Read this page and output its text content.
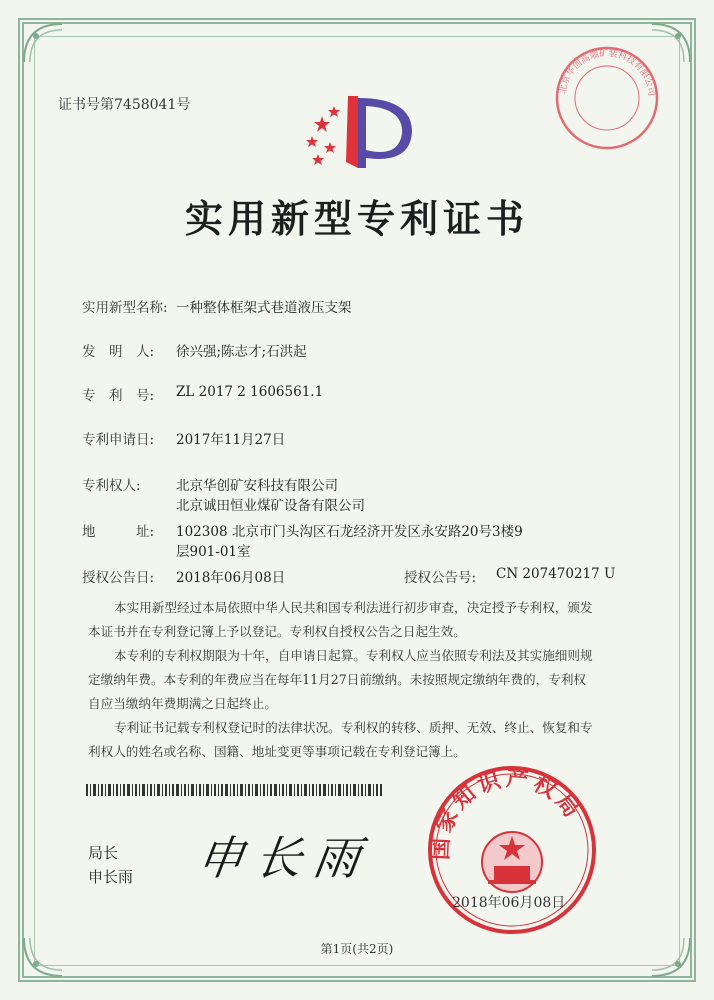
证书号第7458041号
北京华创高端矿装科技有限公司
实用新型专利证书
实用新型名称: 一种整体框架式巷道液压支架
发　明　人: 徐兴强;陈志才;石洪起
专　利　号: ZL 2017 2 1606561.1
专利申请日: 2017年11月27日
专利权人:	北京华创矿安科技有限公司
北京诚田恒业煤矿设备有限公司
地　　　址: 102308 北京市门头沟区石龙经济开发区永安路20号3楼9
层901-01室
授权公告日: 2018年06月08日	授权公告号: CN 207470217 U
本实用新型经过本局依照中华人民共和国专利法进行初步审查，决定授予专利权，颁发
本证书并在专利登记簿上予以登记。专利权自授权公告之日起生效。
本专利的专利权期限为十年，自申请日起算。专利权人应当依照专利法及其实施细则规
定缴纳年费。本专利的年费应当在每年11月27日前缴纳。未按照规定缴纳年费的，专利权
自应当缴纳年费期满之日起终止。
专利证书记载专利权登记时的法律状况。专利权的转移、质押、无效、终止、恢复和专
利权人的姓名或名称、国籍、地址变更等事项记载在专利登记簿上。
局长
申长雨 申长雨 国家知识产权局
2018年06月08日
第1页(共2页)
